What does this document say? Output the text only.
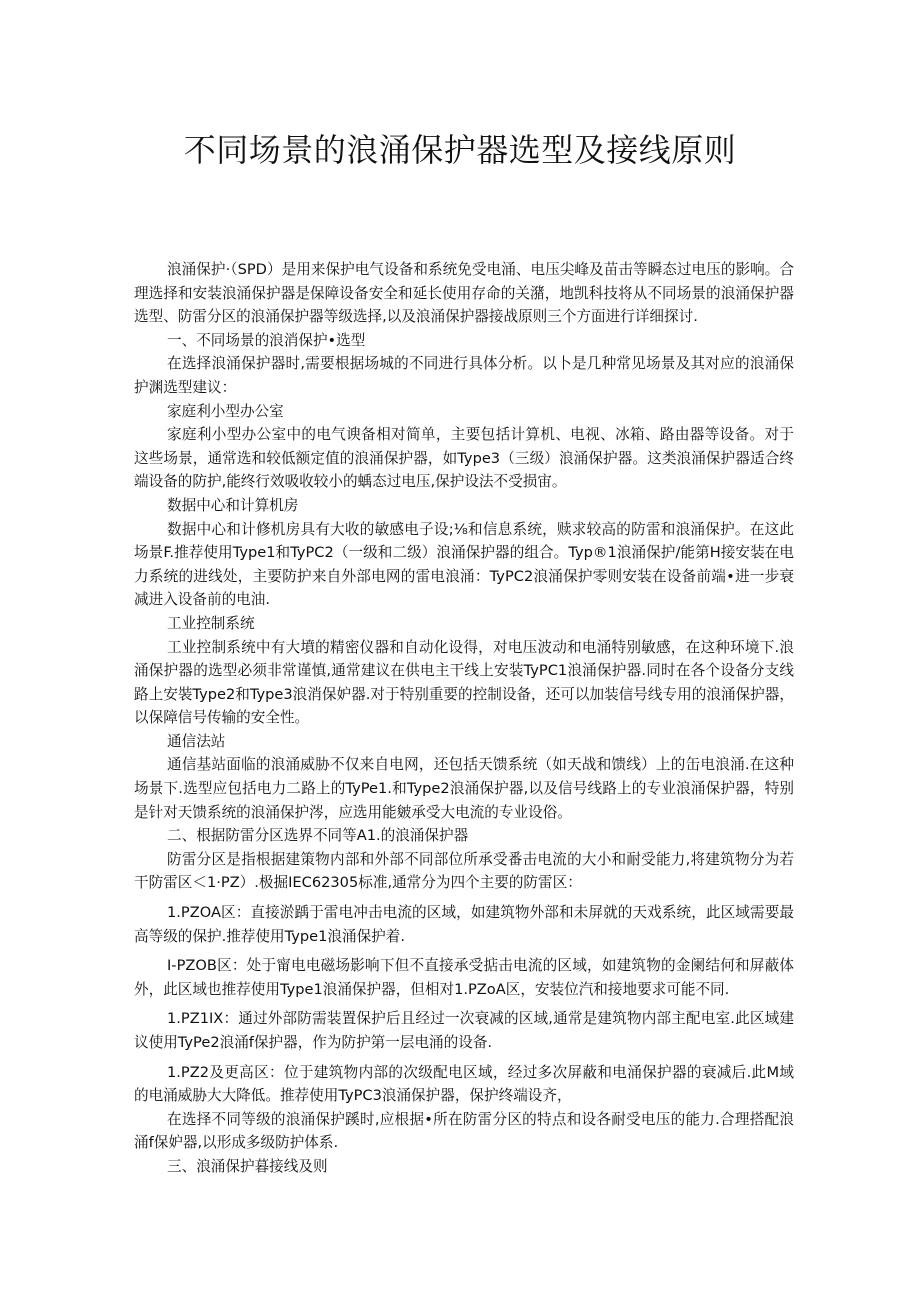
不同场景的浪涌保护器选型及接线原则

浪涌保护·（SPD）是用来保护电气设备和系统免受电涌、电压尖峰及苗击等瞬态过电压的影响。合理选择和安装浪涌保护器是保障设备安全和延长使用存命的关潴，地凯科技将从不同场景的浪涌保护器选型、防雷分区的浪涌保护器等级选择,以及浪涌保护器接战原则三个方面进行详细探讨.

一、不同场景的浪消保护•选型

在选择浪涌保护器时,需要根据场城的不同进行具体分析。以卜是几种常见场景及其对应的浪涌保护渊选型建议：

家庭利小型办公室

家庭利小型办公室中的电气谀备相对简单，主要包括计算机、电视、冰箱、路由器等设备。对于这些场景，通常选和较低额定值的浪涌保护器，如Type3（三级）浪涌保护器。这类浪涌保护器适合终端设备的防护,能终行效吸收较小的蝺态过电压,保护设法不受损宙。

数据中心和计算机房

数据中心和计修机房具有大收的敏感电子设;⅛和信息系统，赎求较高的防雷和浪涌保护。在这此场景F.推荐使用Type1和TyPC2（一级和二级）浪涌保护器的组合。Typ®1浪涌保护/能第H接安装在电力系统的进线处，主要防护来自外部电网的雷电浪涌：TyPC2浪涌保护零则安装在设备前端•进一步衰减进入设备前的电油.

工业控制系统

工业控制系统中有大墳的精密仪器和自动化设得，对电压波动和电涌特别敏感，在这种环境下.浪涌保护器的选型必须非常谨慎,通常建议在供电主干线上安装TyPC1浪涌保护器.同时在各个设备分支线路上安裝Type2和Type3浪消保妒器.对于特别重要的控制设备，还可以加装信号线专用的浪涌保护器，以保障信号传输的安全性。

通信法站

通信基站面临的浪涌威胁不仅来自电网，还包括天馈系统（如天战和馈线）上的缶电浪涌.在这种场景下.选型应包括电力二路上的TyPe1.和Type2浪涌保护器,以及信号线路上的专业浪涌保护器，特别是针对天馈系统的浪涌保护涔，应选用能皴承受大电流的专业设俗。

二、根据防雷分区选界不同等A1.的浪涌保护器

防雷分区是指根据建策物内部和外部不同部位所承受番击电流的大小和耐受能力,将建筑物分为若干防雷区＜1·PZ）.极掘IEC62305标准,通常分为四个主要的防雷区：

1.PZOA区：直接淤踽于雷电冲击电流的区域，如建筑物外部和未屏就的天戏系统，此区域需要最高等级的保护.推荐使用Type1浪涌保护着.

I-PZOB区：处于甯电电磁场影响下但不直接承受掂击电流的区域，如建筑物的金阑结何和屏蔽体外，此区域也推荐使用Type1浪涌保护器，但相对1.PZoA区，安装位汽和接地要求可能不同.

1.PZ1IX：通过外部防需装置保护后且经过一次衰减的区域,通常是建筑物内部主配电室.此区域建议使用TyPe2浪涌f保护器，作为防护第一层电涌的设备.

1.PZ2及更高区：位于建筑物内部的次级配电区域，经过多次屏蔽和电涌保护器的衰减后.此M域的电涌威胁大大降低。推荐使用TyPC3浪涌保护器，保护终端设齐，

在选择不同等级的浪涌保护蹊时,应根据•所在防雷分区的特点和设各耐受电压的能力.合理搭配浪涌f保妒器,以形成多级防护体系.

三、浪涌保护暮接线及则
